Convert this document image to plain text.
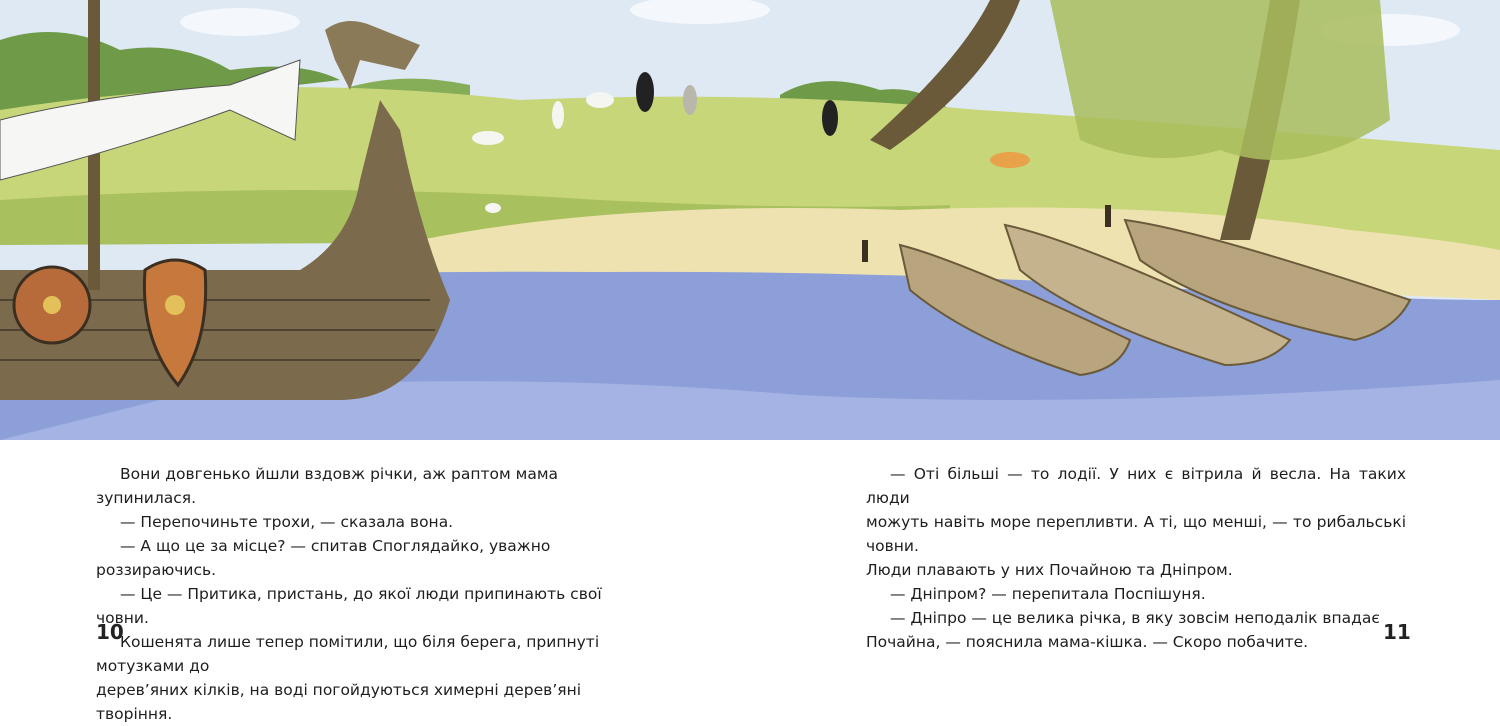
Вони довгенько йшли вздовж річки, аж раптом мама зупинилася.

— Перепочиньте трохи, — сказала вона.

— А що це за місце? — спитав Споглядайко, уважно роззираючись.

— Це — Притика, пристань, до якої люди припинають свої човни.

Кошенята лише тепер помітили, що біля берега, припнуті мотузками до

дерев’яних кілків, на воді погойдуються химерні дерев’яні творіння.

— Оті більші — то лодії. У них є вітрила й весла. На таких люди

можуть навіть море перепливти. А ті, що менші, — то рибальські човни.

Люди плавають у них Почайною та Дніпром.

— Дніпром? — перепитала Поспішуня.

— Дніпро — це велика річка, в яку зовсім неподалік впадає

Почайна, — пояснила мама-кішка. — Скоро побачите.

10	11
